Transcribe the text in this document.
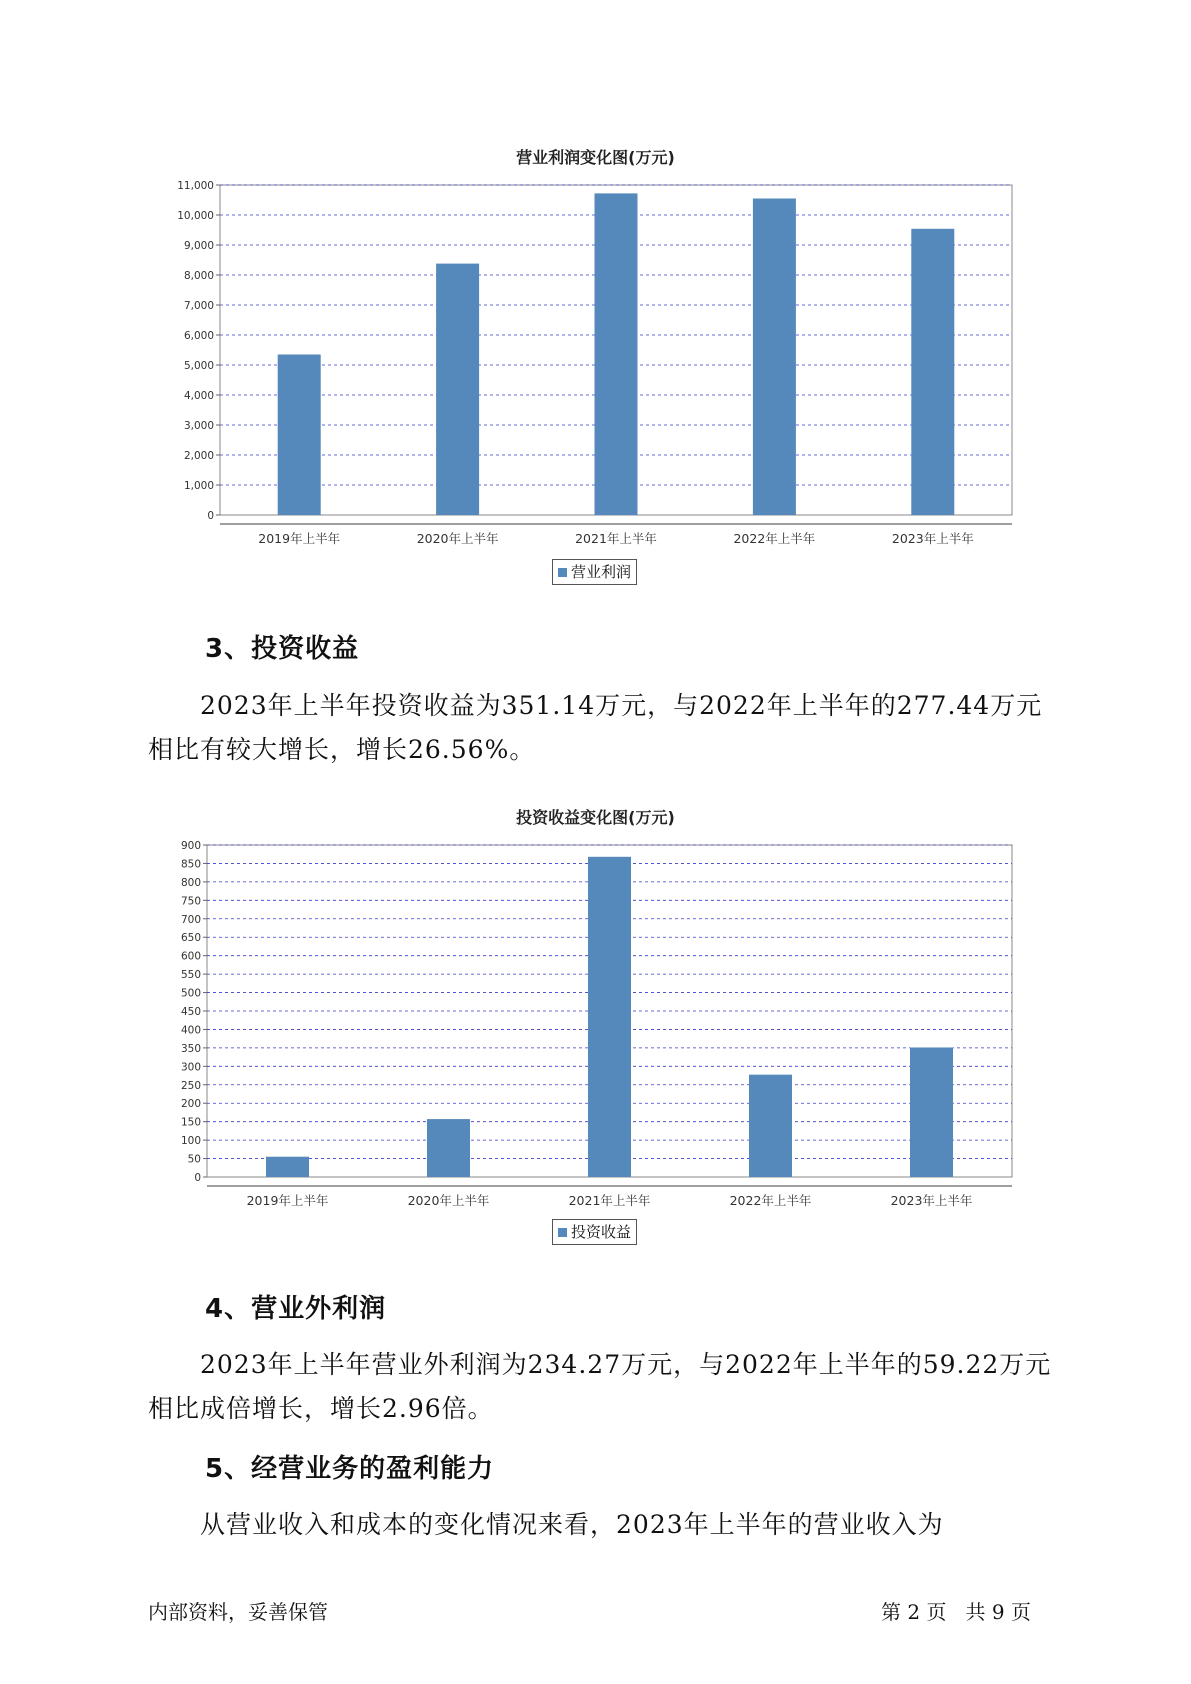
营业利润变化图(万元)
0
1,000
2,000
3,000
4,000
5,000
6,000
7,000
8,000
9,000
10,000
11,000
2019年上半年	2020年上半年	2021年上半年	2022年上半年	2023年上半年
营业利润
3、投资收益
2023年上半年投资收益为351.14万元，与2022年上半年的277.44万元
相比有较大增长，增长26.56%。
投资收益变化图(万元)
0
50
100
150
200
250
300
350
400
450
500
550
600
650
700
750
800
850
900
2019年上半年	2020年上半年	2021年上半年	2022年上半年	2023年上半年
投资收益
4、营业外利润
2023年上半年营业外利润为234.27万元，与2022年上半年的59.22万元
相比成倍增长，增长2.96倍。
5、经营业务的盈利能力
从营业收入和成本的变化情况来看，2023年上半年的营业收入为
内部资料，妥善保管	第 2 页   共 9 页
